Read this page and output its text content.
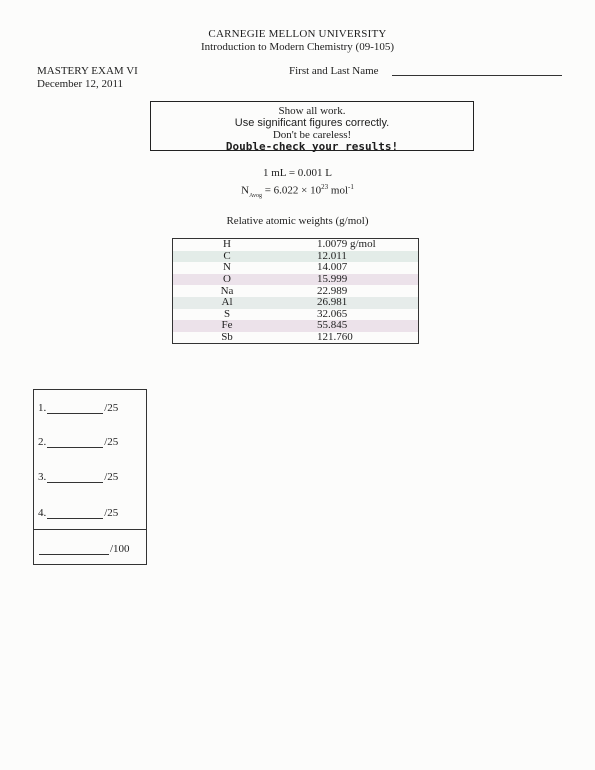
CARNEGIE MELLON UNIVERSITY
Introduction to Modern Chemistry (09-105)
MASTERY EXAM VI
December 12, 2011
First and Last Name
Show all work.
Use significant figures correctly.
Don't be careless!
Double-check your results!
1 mL = 0.001 L
$N_{Avog} = 6.022 \times 10^{23}$ mol$^{-1}$
Relative atomic weights (g/mol)
H	1.0079 g/mol
C	12.011
N	14.007
O	15.999
Na	22.989
Al	26.981
S	32.065
Fe	55.845
Sb	121.760
1.	/25
2.	/25
3.	/25
4.	/25
/100
